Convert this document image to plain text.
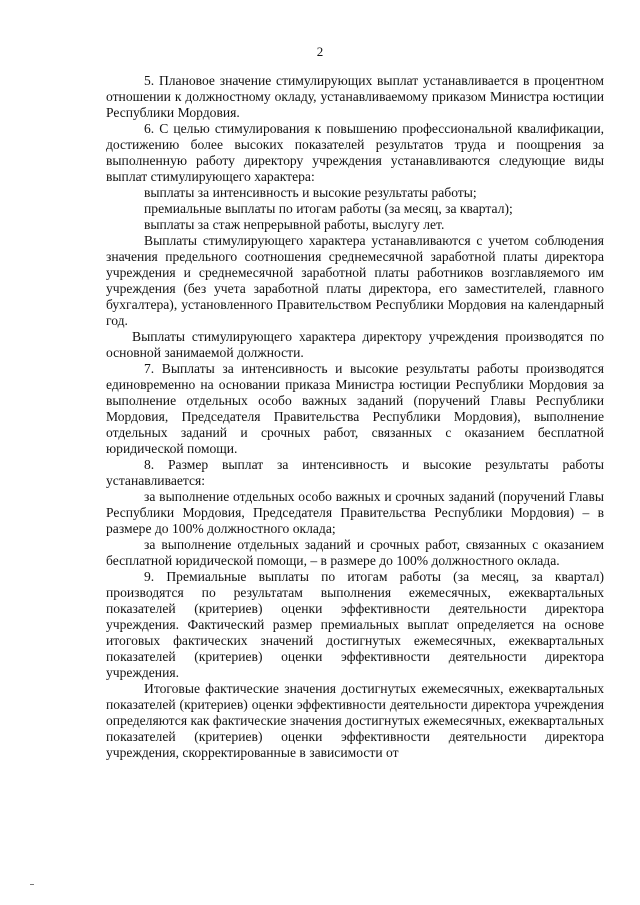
2

5. Плановое значение стимулирующих выплат устанавливается в процентном отношении к должностному окладу, устанавливаемому приказом Министра юстиции Республики Мордовия.

6. С целью стимулирования к повышению профессиональной квалификации, достижению более высоких показателей результатов труда и поощрения за выполненную работу директору учреждения устанавливаются следующие виды выплат стимулирующего характера:

выплаты за интенсивность и высокие результаты работы;

премиальные выплаты по итогам работы (за месяц, за квартал);

выплаты за стаж непрерывной работы, выслугу лет.

Выплаты стимулирующего характера устанавливаются с учетом соблюдения значения предельного соотношения среднемесячной заработной платы директора учреждения и среднемесячной заработной платы работников возглавляемого им учреждения (без учета заработной платы директора, его заместителей, главного бухгалтера), установленного Правительством Республики Мордовия на календарный год.

Выплаты стимулирующего характера директору учреждения производятся по основной занимаемой должности.

7. Выплаты за интенсивность и высокие результаты работы производятся единовременно на основании приказа Министра юстиции Республики Мордовия за выполнение отдельных особо важных заданий (поручений Главы Республики Мордовия, Председателя Правительства Республики Мордовия), выполнение отдельных заданий и срочных работ, связанных с оказанием бесплатной юридической помощи.

8. Размер выплат за интенсивность и высокие результаты работы устанавливается:

за выполнение отдельных особо важных и срочных заданий (поручений Главы Республики Мордовия, Председателя Правительства Республики Мордовия) – в размере до 100% должностного оклада;

за выполнение отдельных заданий и срочных работ, связанных с оказанием бесплатной юридической помощи, – в размере до 100% должностного оклада.

9. Премиальные выплаты по итогам работы (за месяц, за квартал) производятся по результатам выполнения ежемесячных, ежеквартальных показателей (критериев) оценки эффективности деятельности директора учреждения. Фактический размер премиальных выплат определяется на основе итоговых фактических значений достигнутых ежемесячных, ежеквартальных показателей (критериев) оценки эффективности деятельности директора учреждения.

Итоговые фактические значения достигнутых ежемесячных, ежеквартальных показателей (критериев) оценки эффективности деятельности директора учреждения определяются как фактические значения достигнутых ежемесячных, ежеквартальных показателей (критериев) оценки эффективности деятельности директора учреждения, скорректированные в зависимости от
